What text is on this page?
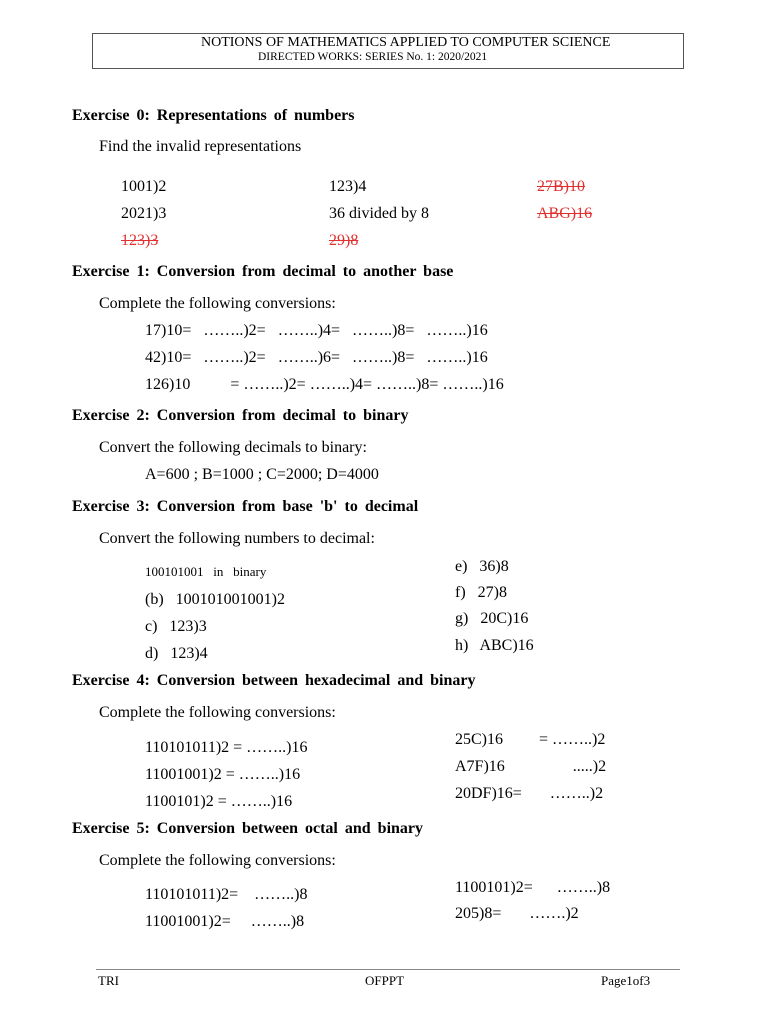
NOTIONS OF MATHEMATICS APPLIED TO COMPUTER SCIENCE
DIRECTED WORKS: SERIES No. 1: 2020/2021
Exercise 0: Representations of numbers
Find the invalid representations
1001)2	123)4	27B)10
2021)3	36 divided by 8	ABG)16
123)3	29)8
Exercise 1: Conversion from decimal to another base
Complete the following conversions:
17)10=   ……..)2=   ……..)4=   ……..)8=   ……..)16
42)10=   ……..)2=   ……..)6=   ……..)8=   ……..)16
126)10          = ……..)2= ……..)4= ……..)8= ……..)16
Exercise 2: Conversion from decimal to binary
Convert the following decimals to binary:
A=600 ; B=1000 ; C=2000; D=4000
Exercise 3: Conversion from base 'b' to decimal
Convert the following numbers to decimal:
100101001   in   binary
(b)   100101001001)2
c)   123)3
d)   123)4
e)   36)8
f)   27)8
g)   20C)16
h)   ABC)16
Exercise 4: Conversion between hexadecimal and binary
Complete the following conversions:
110101011)2 = ……..)16
11001001)2 = ……..)16
1100101)2 = ……..)16
25C)16         = ……..)2
A7F)16                 .....)2
20DF)16=       ……..)2
Exercise 5: Conversion between octal and binary
Complete the following conversions:
110101011)2=    ……..)8
11001001)2=     ……..)8
1100101)2=      ……..)8
205)8=       …….)2
TRI	OFPPT	Page1of3
